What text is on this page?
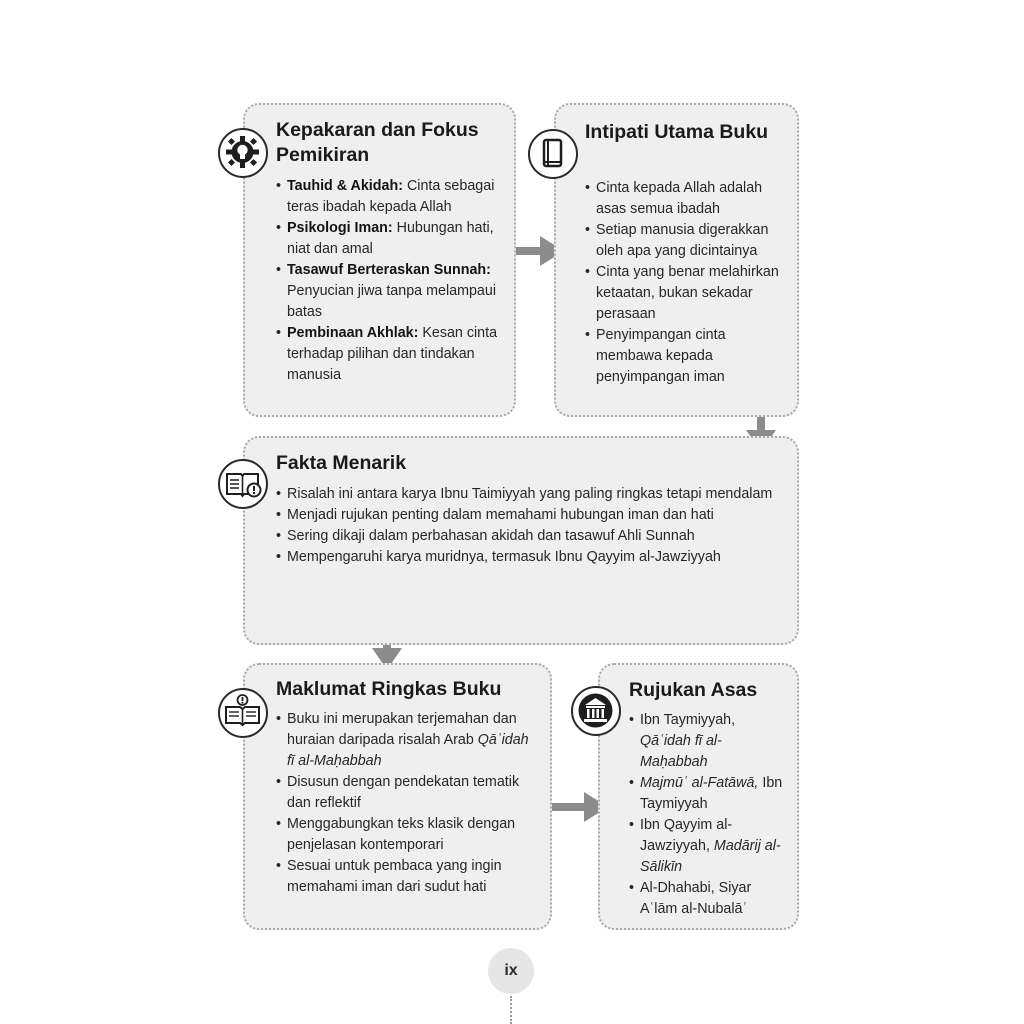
Kepakaran dan Fokus Pemikiran
• Tauhid & Akidah: Cinta sebagai teras ibadah kepada Allah
• Psikologi Iman: Hubungan hati, niat dan amal
• Tasawuf Berteraskan Sunnah: Penyucian jiwa tanpa melampaui batas
• Pembinaan Akhlak: Kesan cinta terhadap pilihan dan tindakan manusia
Intipati Utama Buku
• Cinta kepada Allah adalah asas semua ibadah
• Setiap manusia digerakkan oleh apa yang dicintainya
• Cinta yang benar melahirkan ketaatan, bukan sekadar perasaan
• Penyimpangan cinta membawa kepada penyimpangan iman
Fakta Menarik
• Risalah ini antara karya Ibnu Taimiyyah yang paling ringkas tetapi mendalam
• Menjadi rujukan penting dalam memahami hubungan iman dan hati
• Sering dikaji dalam perbahasan akidah dan tasawuf Ahli Sunnah
• Mempengaruhi karya muridnya, termasuk Ibnu Qayyim al-Jawziyyah
Maklumat Ringkas Buku
• Buku ini merupakan terjemahan dan huraian daripada risalah Arab Qāʿidah fī al-Maḥabbah
• Disusun dengan pendekatan tematik dan reflektif
• Menggabungkan teks klasik dengan penjelasan kontemporari
• Sesuai untuk pembaca yang ingin memahami iman dari sudut hati
Rujukan Asas
• Ibn Taymiyyah, Qāʿidah fī al-Maḥabbah
• Majmūʿ al-Fatāwā, Ibn Taymiyyah
• Ibn Qayyim al-Jawziyyah, Madārij al-Sālikīn
• Al-Dhahabi, Siyar Aʿlām al-Nubalāʾ
ix
